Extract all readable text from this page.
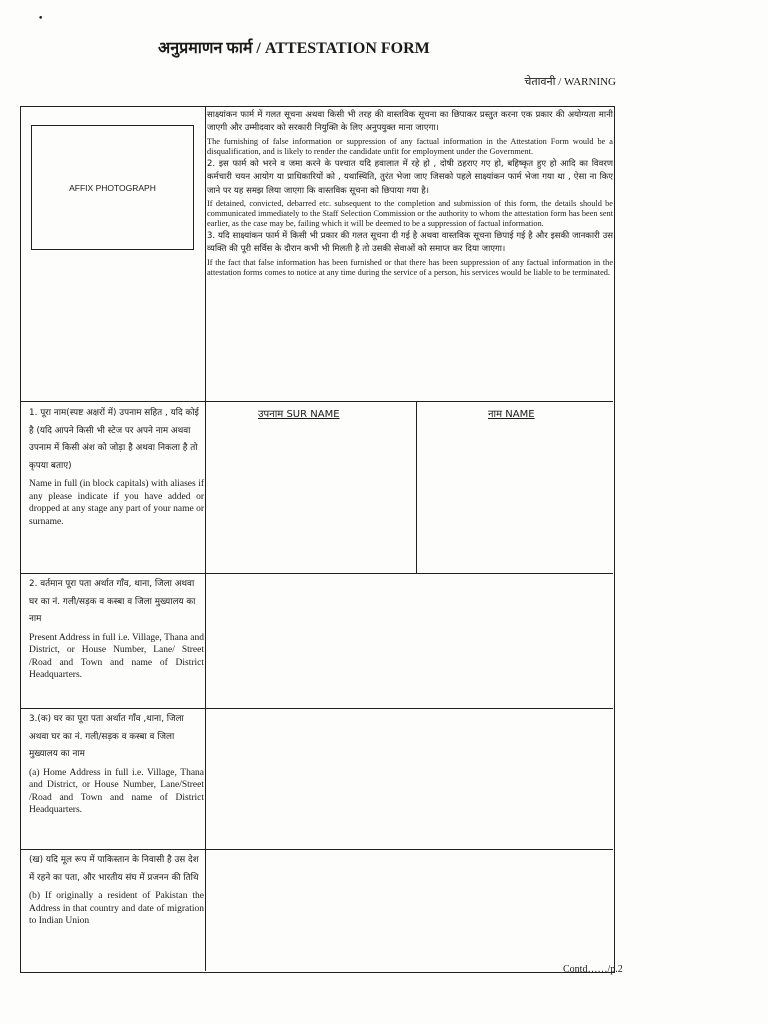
•
अनुप्रमाणन फार्म / ATTESTATION FORM
चेतावनी / WARNING
AFFIX PHOTOGRAPH

साक्ष्यांकन फार्म में गलत सूचना अथवा किसी भी तरह की वास्तविक सूचना का छिपाकर प्रस्तुत करना एक प्रकार की अयोग्यता मानी जाएगी और उम्मीदवार को सरकारी नियुक्ति के लिए अनुपयुक्त माना जाएगा।

The furnishing of false information or suppression of any factual information in the Attestation Form would be a disqualification, and is likely to render the candidate unfit for employment under the Government.

2. इस फार्म को भरने व जमा करने के पश्चात यदि हवालात में रहे हो , दोषी ठहराए गए हो, बहिष्कृत हुए हो आदि का विवरण कर्मचारी चयन आयोग या प्राधिकारियों को , यथास्थिति, तुरंत भेजा जाए जिसको पहले साक्ष्यांकन फार्म भेजा गया था , ऐसा ना किए जाने पर यह समझ लिया जाएगा कि वास्तविक सूचना को छिपाया गया है।

If detained, convicted, debarred etc. subsequent to the completion and submission of this form, the details should be communicated immediately to the Staff Selection Commission or the authority to whom the attestation form has been sent earlier, as the case may be, failing which it will be deemed to be a suppression of factual information.

3. यदि साक्ष्यांकन फार्म में किसी भी प्रकार की गलत सूचना दी गई है अथवा वास्तविक सूचना छिपाई गई है और इसकी जानकारी उस व्यक्ति की पूरी सर्विस के दौरान कभी भी मिलती है तो उसकी सेवाओं को समाप्त कर दिया जाएगा।

If the fact that false information has been furnished or that there has been suppression of any factual information in the attestation forms comes to notice at any time during the service of a person, his services would be liable to be terminated.

उपनाम SUR NAME	नाम NAME

1. पूरा नाम(स्पष्ट अक्षरों में) उपनाम सहित , यदि कोई है (यदि आपने किसी भी स्टेज पर अपने नाम अथवा उपनाम में किसी अंश को जोड़ा है अथवा निकला है तो कृपया बताए)

Name in full (in block capitals) with aliases if any please indicate if you have added or dropped at any stage any part of your name or surname.

2. वर्तमान पूरा पता अर्थात गाँव, थाना, जिला अथवा घर का नं. गली/सड़क व कस्बा व जिला मुख्यालय का नाम

Present Address in full i.e. Village, Thana and District, or House Number, Lane/ Street /Road and Town and name of District Headquarters.

3.(क) घर का पूरा पता अर्थात गाँव ,थाना, जिला अथवा घर का नं. गली/सड़क व कस्बा व जिला मुख्यालय का नाम

(a) Home Address in full i.e. Village, Thana and District, or House Number, Lane/Street /Road and Town and name of District Headquarters.

(ख) यदि मूल रूप में पाकिस्तान के निवासी है उस देश में रहने का पता, और भारतीय संघ में प्रजनन की तिथि

(b) If originally a resident of Pakistan the Address in that country and date of migration to Indian Union

Contd……/p.2
